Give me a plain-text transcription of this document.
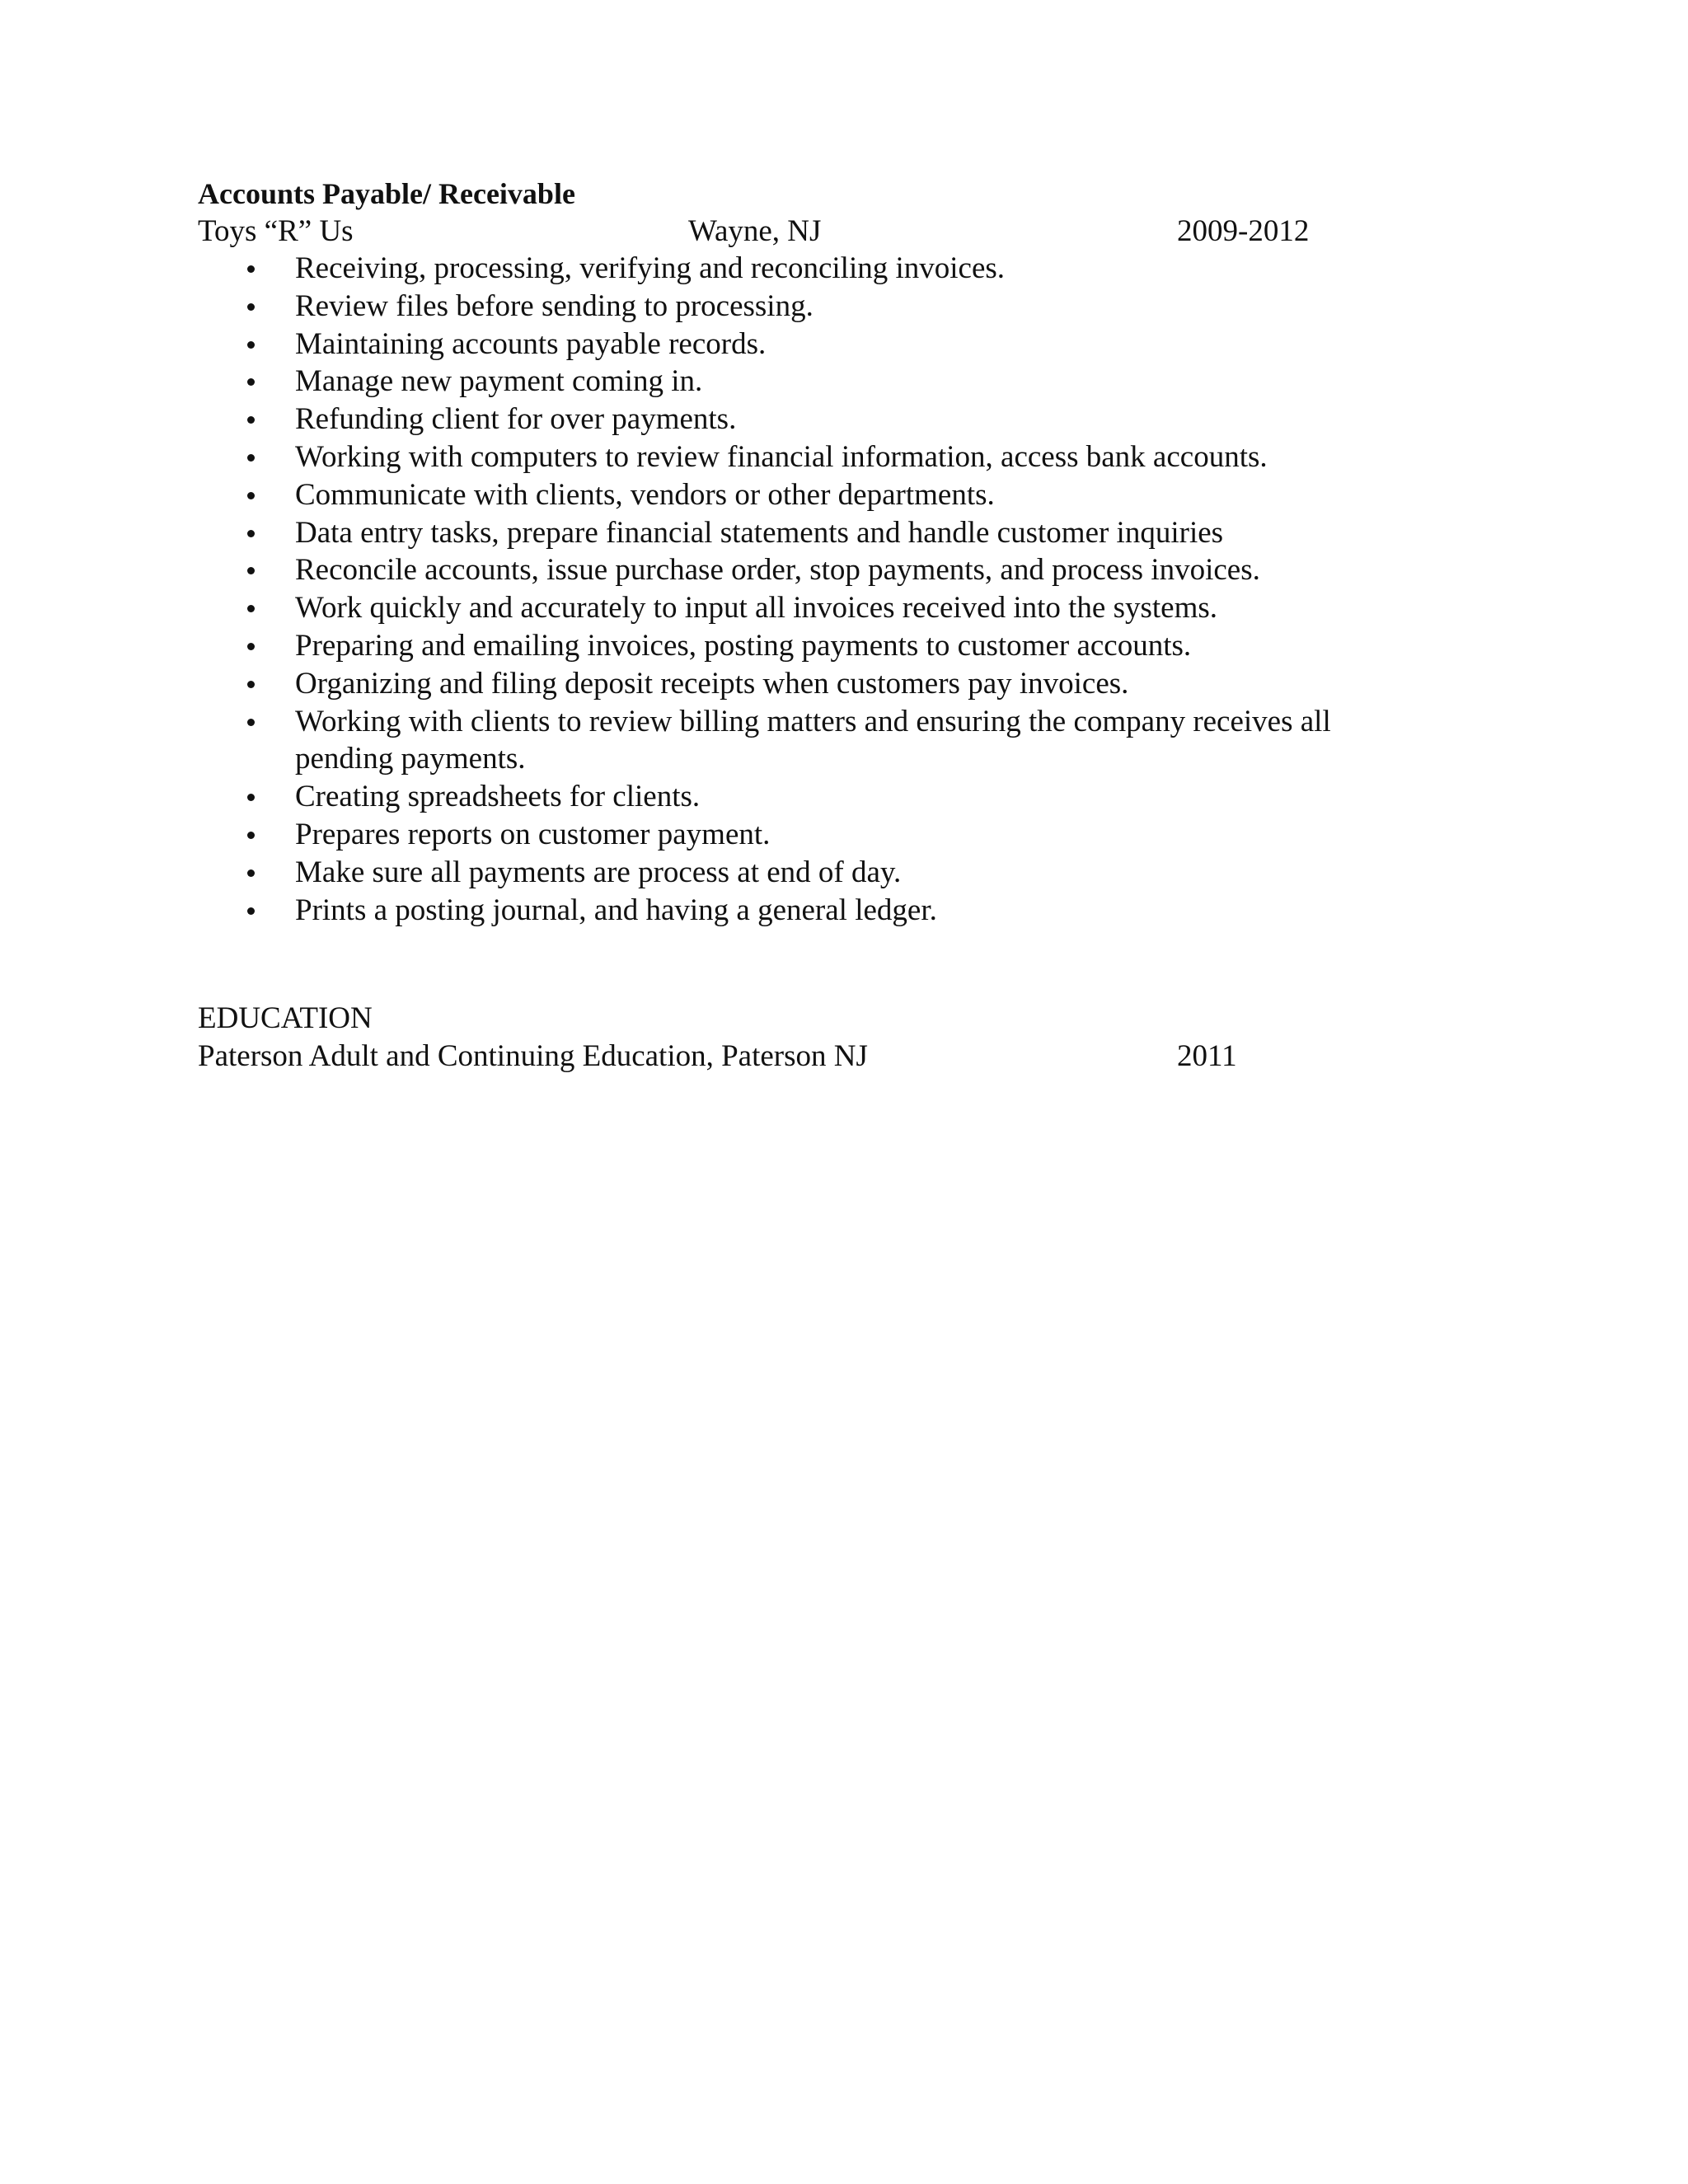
Accounts Payable/ Receivable
Toys “R” Us	Wayne, NJ	2009-2012
Receiving, processing, verifying and reconciling invoices.
Review files before sending to processing.
Maintaining accounts payable records.
Manage new payment coming in.
Refunding client for over payments.
Working with computers to review financial information, access bank accounts.
Communicate with clients, vendors or other departments.
Data entry tasks, prepare financial statements and handle customer inquiries
Reconcile accounts, issue purchase order, stop payments, and process invoices.
Work quickly and accurately to input all invoices received into the systems.
Preparing and emailing invoices, posting payments to customer accounts.
Organizing and filing deposit receipts when customers pay invoices.
Working with clients to review billing matters and ensuring the company receives all pending payments.
Creating spreadsheets for clients.
Prepares reports on customer payment.
Make sure all payments are process at end of day.
Prints a posting journal, and having a general ledger.
EDUCATION
Paterson Adult and Continuing Education, Paterson NJ	2011
